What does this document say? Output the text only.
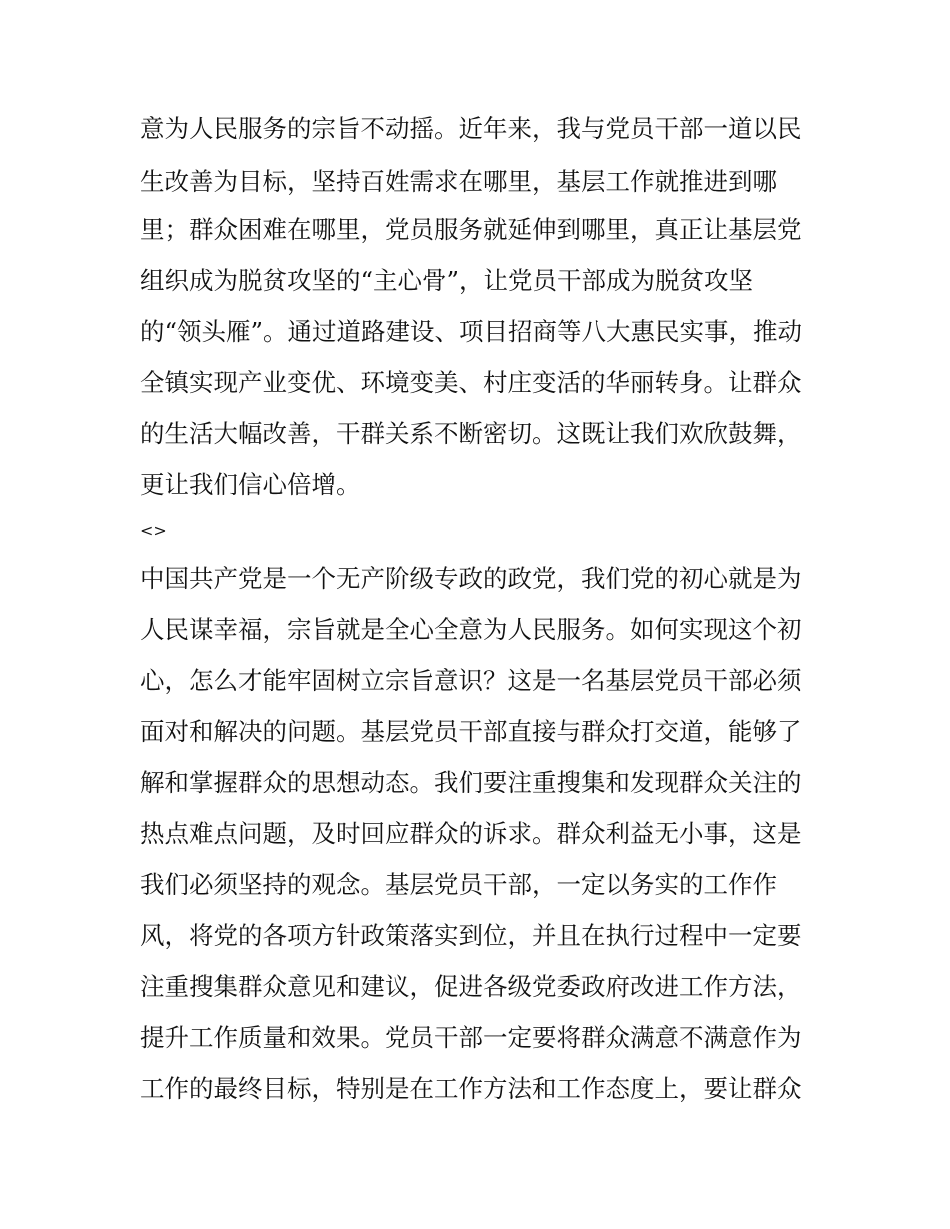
意为人民服务的宗旨不动摇。近年来，我与党员干部一道以民
生改善为目标，坚持百姓需求在哪里，基层工作就推进到哪
里；群众困难在哪里，党员服务就延伸到哪里，真正让基层党
组织成为脱贫攻坚的“主心骨”，让党员干部成为脱贫攻坚
的“领头雁”。通过道路建设、项目招商等八大惠民实事，推动
全镇实现产业变优、环境变美、村庄变活的华丽转身。让群众
的生活大幅改善，干群关系不断密切。这既让我们欢欣鼓舞，
更让我们信心倍增。
<>
中国共产党是一个无产阶级专政的政党，我们党的初心就是为
人民谋幸福，宗旨就是全心全意为人民服务。如何实现这个初
心，怎么才能牢固树立宗旨意识？这是一名基层党员干部必须
面对和解决的问题。基层党员干部直接与群众打交道，能够了
解和掌握群众的思想动态。我们要注重搜集和发现群众关注的
热点难点问题，及时回应群众的诉求。群众利益无小事，这是
我们必须坚持的观念。基层党员干部，一定以务实的工作作
风，将党的各项方针政策落实到位，并且在执行过程中一定要
注重搜集群众意见和建议，促进各级党委政府改进工作方法，
提升工作质量和效果。党员干部一定要将群众满意不满意作为
工作的最终目标，特别是在工作方法和工作态度上，要让群众
